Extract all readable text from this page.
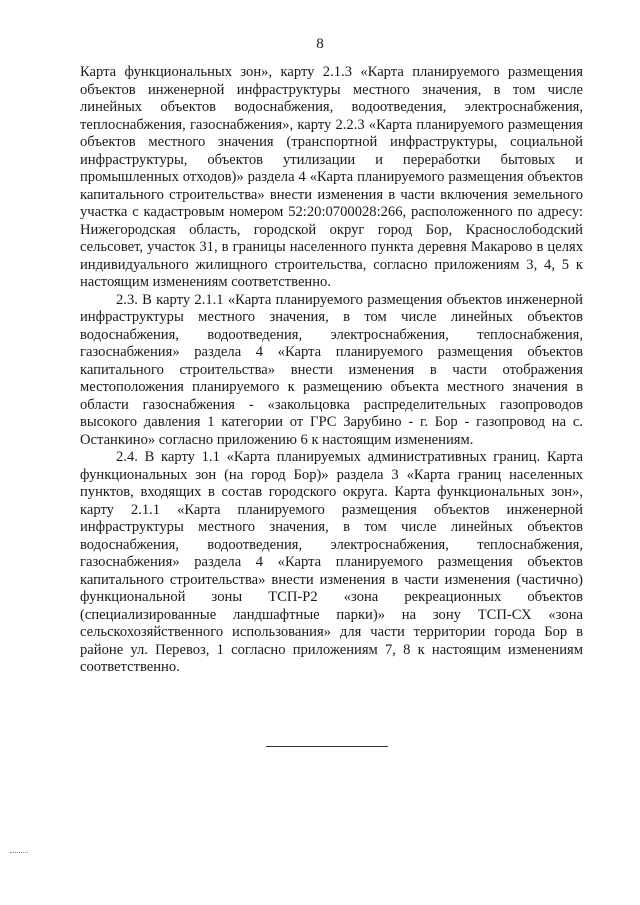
8

Карта функциональных зон», карту 2.1.3 «Карта планируемого размещения объектов инженерной инфраструктуры местного значения, в том числе линейных объектов водоснабжения, водоотведения, электроснабжения, теплоснабжения, газоснабжения», карту 2.2.3 «Карта планируемого размещения объектов местного значения (транспортной инфраструктуры, социальной инфраструктуры, объектов утилизации и переработки бытовых и промышленных отходов)» раздела 4 «Карта планируемого размещения объектов капитального строительства» внести изменения в части включения земельного участка с кадастровым номером 52:20:0700028:266, расположенного по адресу: Нижегородская область, городской округ город Бор, Краснослободский сельсовет, участок 31, в границы населенного пункта деревня Макарово в целях индивидуального жилищного строительства, согласно приложениям 3, 4, 5 к настоящим изменениям соответственно.

2.3. В карту 2.1.1 «Карта планируемого размещения объектов инженерной инфраструктуры местного значения, в том числе линейных объектов водоснабжения, водоотведения, электроснабжения, теплоснабжения, газоснабжения» раздела 4 «Карта планируемого размещения объектов капитального строительства» внести изменения в части отображения местоположения планируемого к размещению объекта местного значения в области газоснабжения - «закольцовка распределительных газопроводов высокого давления 1 категории от ГРС Зарубино - г. Бор - газопровод на с. Останкино» согласно приложению 6 к настоящим изменениям.

2.4. В карту 1.1 «Карта планируемых административных границ. Карта функциональных зон (на город Бор)» раздела 3 «Карта границ населенных пунктов, входящих в состав городского округа. Карта функциональных зон», карту 2.1.1 «Карта планируемого размещения объектов инженерной инфраструктуры местного значения, в том числе линейных объектов водоснабжения, водоотведения, электроснабжения, теплоснабжения, газоснабжения» раздела 4 «Карта планируемого размещения объектов капитального строительства» внести изменения в части изменения (частично) функциональной зоны ТСП-Р2 «зона рекреационных объектов (специализированные ландшафтные парки)» на зону ТСП-СХ «зона сельскохозяйственного использования» для части территории города Бор в районе ул. Перевоз, 1 согласно приложениям 7, 8 к настоящим изменениям соответственно.
